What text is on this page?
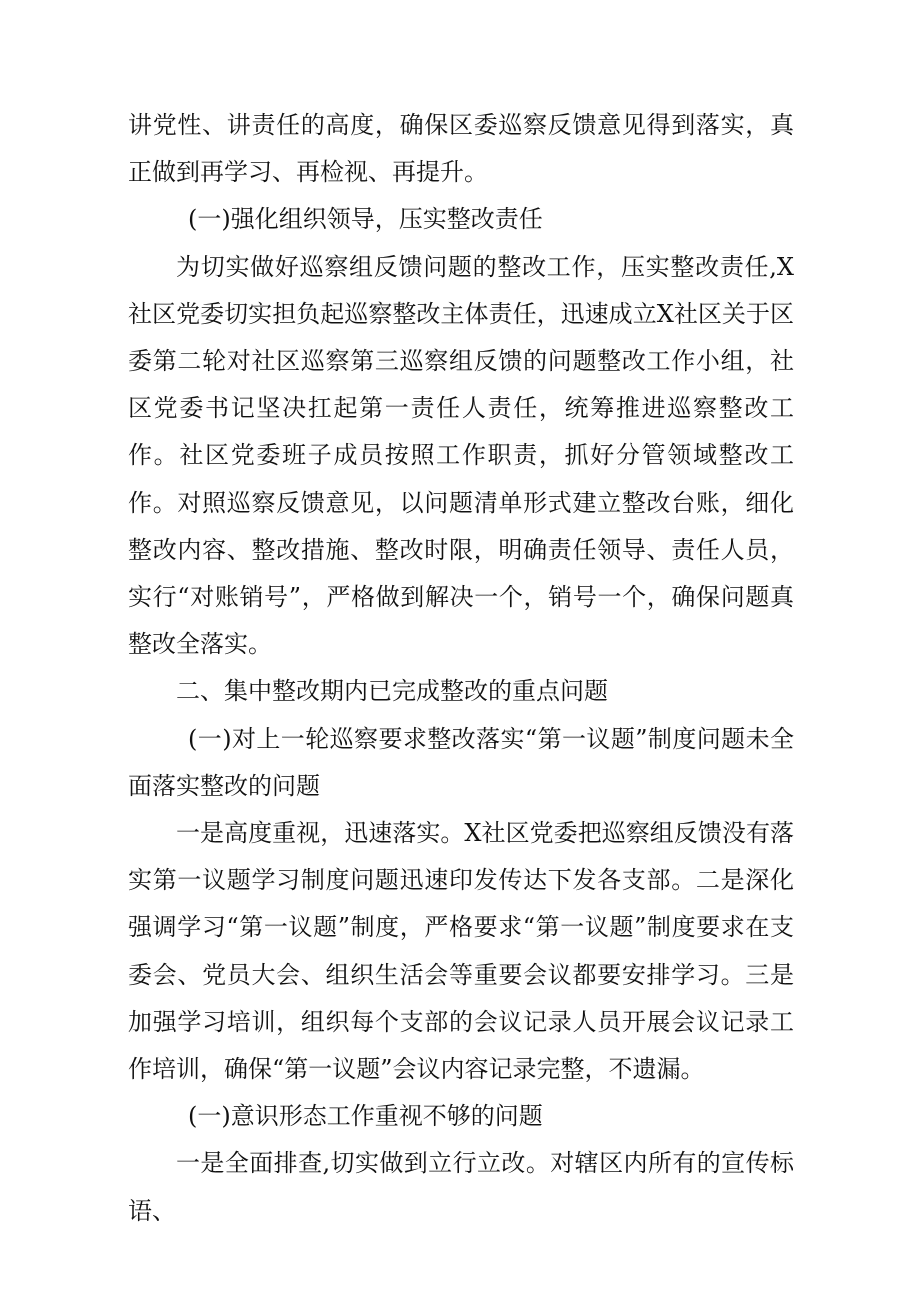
讲党性、讲责任的高度，确保区委巡察反馈意见得到落实，真正做到再学习、再检视、再提升。

(一)强化组织领导，压实整改责任

为切实做好巡察组反馈问题的整改工作，压实整改责任,X社区党委切实担负起巡察整改主体责任，迅速成立X社区关于区委第二轮对社区巡察第三巡察组反馈的问题整改工作小组，社区党委书记坚决扛起第一责任人责任，统筹推进巡察整改工作。社区党委班子成员按照工作职责，抓好分管领域整改工作。对照巡察反馈意见，以问题清单形式建立整改台账，细化整改内容、整改措施、整改时限，明确责任领导、责任人员，实行“对账销号”，严格做到解决一个，销号一个，确保问题真整改全落实。

二、集中整改期内已完成整改的重点问题

(一)对上一轮巡察要求整改落实“第一议题”制度问题未全面落实整改的问题

一是高度重视，迅速落实。X社区党委把巡察组反馈没有落实第一议题学习制度问题迅速印发传达下发各支部。二是深化强调学习“第一议题”制度，严格要求“第一议题”制度要求在支委会、党员大会、组织生活会等重要会议都要安排学习。三是加强学习培训，组织每个支部的会议记录人员开展会议记录工作培训，确保“第一议题”会议内容记录完整，不遗漏。

(一)意识形态工作重视不够的问题

一是全面排查,切实做到立行立改。对辖区内所有的宣传标语、
